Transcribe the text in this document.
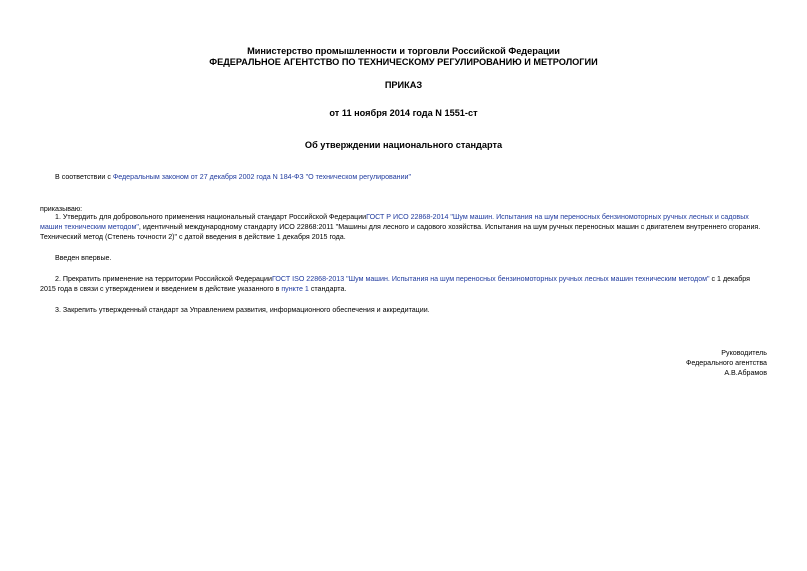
Министерство промышленности и торговли Российской Федерации
ФЕДЕРАЛЬНОЕ АГЕНТСТВО ПО ТЕХНИЧЕСКОМУ РЕГУЛИРОВАНИЮ И МЕТРОЛОГИИ
ПРИКАЗ
от 11 ноября 2014 года N 1551-ст
Об утверждении национального стандарта
В соответствии с Федеральным законом от 27 декабря 2002 года N 184-ФЗ "О техническом регулировании"
приказываю:
1. Утвердить для добровольного применения национальный стандарт Российской ФедерацииГОСТ Р ИСО 22868-2014 "Шум машин. Испытания на шум переносных бензиномоторных ручных лесных и садовых
машин техническим методом", идентичный международному стандарту ИСО 22868:2011 "Машины для лесного и садового хозяйства. Испытания на шум ручных переносных машин с двигателем внутреннего сгорания.
Технический метод (Степень точности 2)" с датой введения в действие 1 декабря 2015 года.
Введен впервые.
2. Прекратить применение на территории Российской ФедерацииГОСТ ISO 22868-2013 "Шум машин. Испытания на шум переносных бензиномоторных ручных лесных машин техническим методом" с 1 декабря
2015 года в связи с утверждением и введением в действие указанного в пункте 1 стандарта.
3. Закрепить утвержденный стандарт за Управлением развития, информационного обеспечения и аккредитации.
Руководитель
Федерального агентства
А.В.Абрамов
